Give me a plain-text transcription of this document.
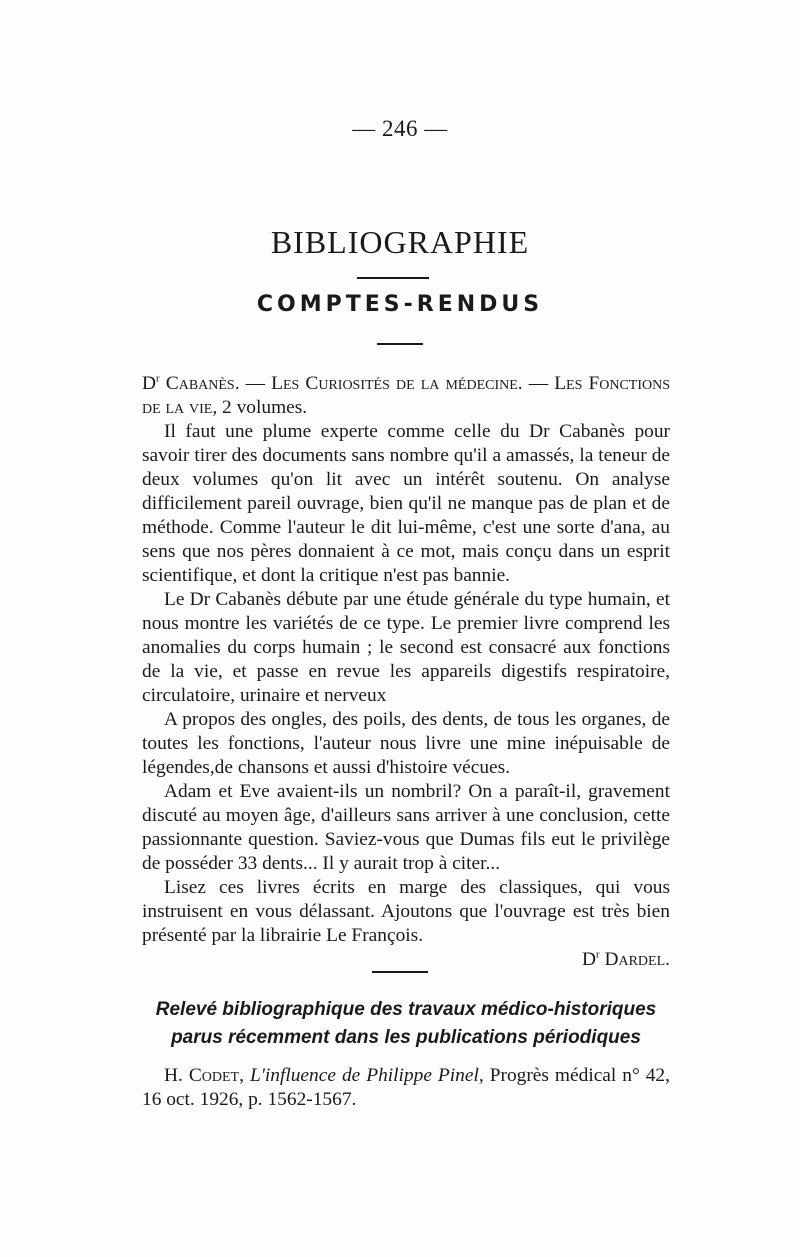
— 246 —
BIBLIOGRAPHIE
COMPTES-RENDUS

$D^r$ Cabanès. — Les Curiosités de la médecine. — Les Fonctions de la vie, 2 volumes.

Il faut une plume experte comme celle du Dr Cabanès pour savoir tirer des documents sans nombre qu'il a amassés, la teneur de deux volumes qu'on lit avec un intérêt soutenu. On analyse difficilement pareil ouvrage, bien qu'il ne manque pas de plan et de méthode. Comme l'auteur le dit lui-même, c'est une sorte d'ana, au sens que nos pères donnaient à ce mot, mais conçu dans un esprit scientifique, et dont la critique n'est pas bannie.

Le Dr Cabanès débute par une étude générale du type humain, et nous montre les variétés de ce type. Le premier livre comprend les anomalies du corps humain ; le second est consacré aux fonctions de la vie, et passe en revue les appareils digestifs respiratoire, circulatoire, urinaire et nerveux

A propos des ongles, des poils, des dents, de tous les organes, de toutes les fonctions, l'auteur nous livre une mine inépuisable de légendes,de chansons et aussi d'histoire vécues.

Adam et Eve avaient-ils un nombril? On a paraît-il, gravement discuté au moyen âge, d'ailleurs sans arriver à une conclusion, cette passionnante question. Saviez-vous que Dumas fils eut le privilège de posséder 33 dents... Il y aurait trop à citer...

Lisez ces livres écrits en marge des classiques, qui vous instruisent en vous délassant. Ajoutons que l'ouvrage est très bien présenté par la librairie Le François.

$D^r$ Dardel.

Relevé bibliographique des travaux médico-historiques
parus récemment dans les publications périodiques
H. Codet, L'influence de Philippe Pinel, Progrès médical n° 42, 16 oct. 1926, p. 1562-1567.
